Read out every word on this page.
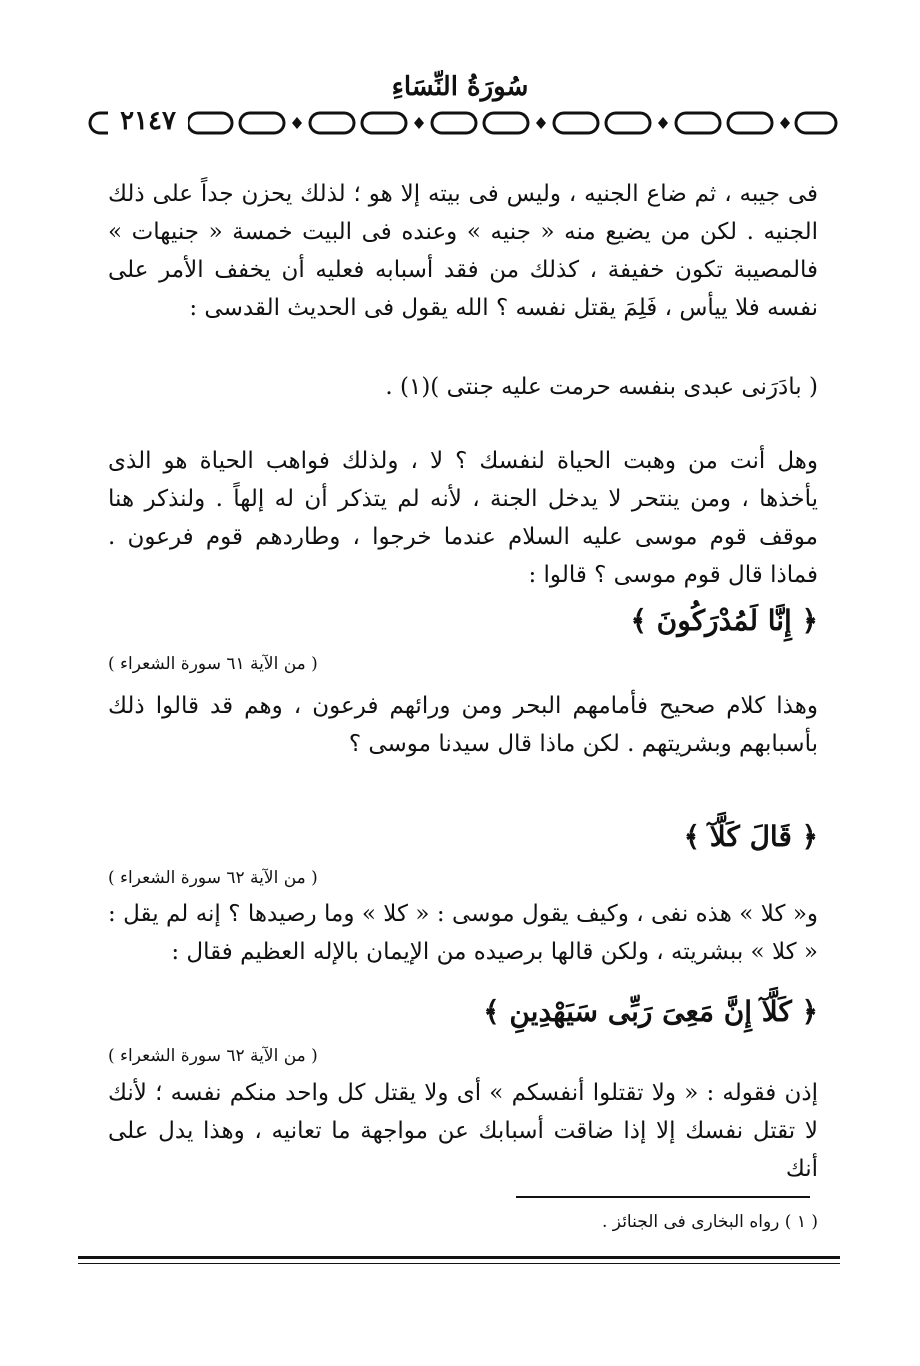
سُورَةُ النِّسَاءِ
٢١٤٧
فى جيبه ، ثم ضاع الجنيه ، وليس فى بيته إلا هو ؛ لذلك يحزن جداً على ذلك الجنيه . لكن من يضيع منه « جنيه » وعنده فى البيت خمسة « جنيهات » فالمصيبة تكون خفيفة ، كذلك من فقد أسبابه فعليه أن يخفف الأمر على نفسه فلا ييأس ، فَلِمَ يقتل نفسه ؟ الله يقول فى الحديث القدسى :
( بادَرَنى عبدى بنفسه حرمت عليه جنتى )(١) .
وهل أنت من وهبت الحياة لنفسك ؟ لا ، ولذلك فواهب الحياة هو الذى يأخذها ، ومن ينتحر لا يدخل الجنة ، لأنه لم يتذكر أن له إلهاً . ولنذكر هنا موقف قوم موسى عليه السلام عندما خرجوا ، وطاردهم قوم فرعون . فماذا قال قوم موسى ؟ قالوا :
﴿ إِنَّا لَمُدْرَكُونَ ﴾
( من الآية ٦١ سورة الشعراء )
وهذا كلام صحيح فأمامهم البحر ومن ورائهم فرعون ، وهم قد قالوا ذلك بأسبابهم وبشريتهم . لكن ماذا قال سيدنا موسى ؟
﴿ قَالَ كَلَّآ ﴾
( من الآية ٦٢ سورة الشعراء )
و« كلا » هذه نفى ، وكيف يقول موسى : « كلا » وما رصيدها ؟ إنه لم يقل : « كلا » ببشريته ، ولكن قالها برصيده من الإيمان بالإله العظيم فقال :
﴿ كَلَّآ إِنَّ مَعِىَ رَبِّى سَيَهْدِينِ ﴾
( من الآية ٦٢ سورة الشعراء )
إذن فقوله : « ولا تقتلوا أنفسكم » أى ولا يقتل كل واحد منكم نفسه ؛ لأنك لا تقتل نفسك إلا إذا ضاقت أسبابك عن مواجهة ما تعانيه ، وهذا يدل على أنك
( ١ ) رواه البخارى فى الجنائز .
